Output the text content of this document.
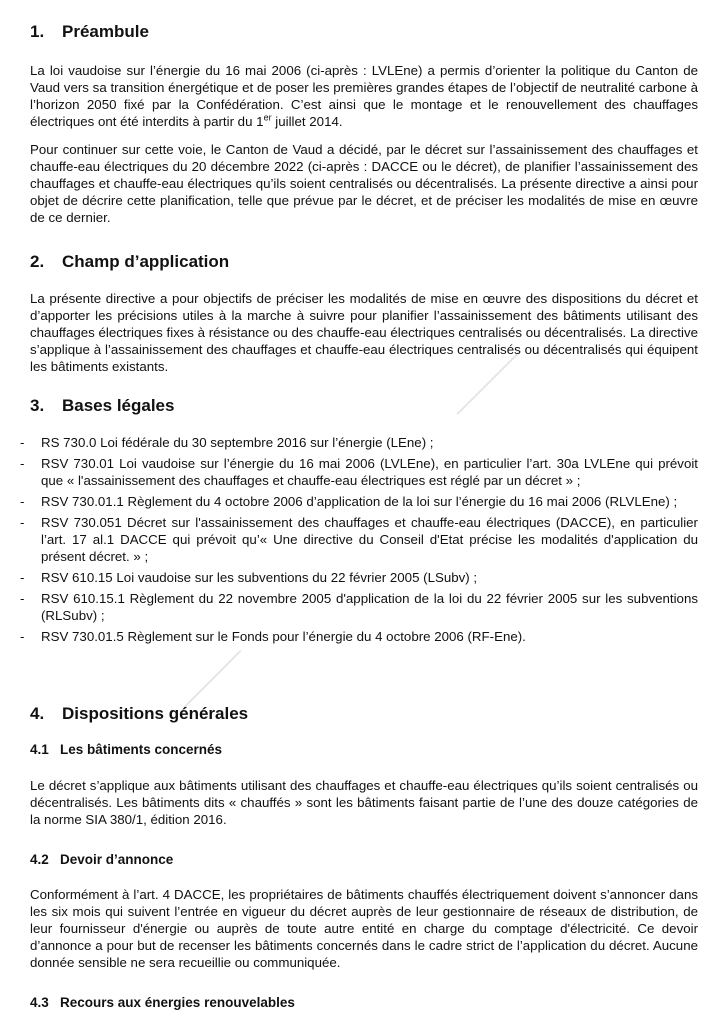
1. Préambule

La loi vaudoise sur l’énergie du 16 mai 2006 (ci-après : LVLEne) a permis d’orienter la politique du Canton de Vaud vers sa transition énergétique et de poser les premières grandes étapes de l’objectif de neutralité carbone à l’horizon 2050 fixé par la Confédération. C’est ainsi que le montage et le renouvellement des chauffages électriques ont été interdits à partir du 1er juillet 2014.

Pour continuer sur cette voie, le Canton de Vaud a décidé, par le décret sur l’assainissement des chauffages et chauffe-eau électriques du 20 décembre 2022 (ci-après : DACCE ou le décret), de planifier l’assainissement des chauffages et chauffe-eau électriques qu’ils soient centralisés ou décentralisés. La présente directive a ainsi pour objet de décrire cette planification, telle que prévue par le décret, et de préciser les modalités de mise en œuvre de ce dernier.

2. Champ d’application

La présente directive a pour objectifs de préciser les modalités de mise en œuvre des dispositions du décret et d’apporter les précisions utiles à la marche à suivre pour planifier l’assainissement des bâtiments utilisant des chauffages électriques fixes à résistance ou des chauffe-eau électriques centralisés ou décentralisés. La directive s’applique à l’assainissement des chauffages et chauffe-eau électriques centralisés ou décentralisés qui équipent les bâtiments existants.

3. Bases légales
- RS 730.0 Loi fédérale du 30 septembre 2016 sur l’énergie (LEne) ;
- RSV 730.01 Loi vaudoise sur l’énergie du 16 mai 2006 (LVLEne), en particulier l’art. 30a LVLEne qui prévoit que « l'assainissement des chauffages et chauffe-eau électriques est réglé par un décret » ;
- RSV 730.01.1 Règlement du 4 octobre 2006 d’application de la loi sur l’énergie du 16 mai 2006 (RLVLEne) ;
- RSV 730.051 Décret sur l'assainissement des chauffages et chauffe-eau électriques (DACCE), en particulier l’art. 17 al.1 DACCE qui prévoit qu’« Une directive du Conseil d'Etat précise les modalités d'application du présent décret. » ;
- RSV 610.15 Loi vaudoise sur les subventions du 22 février 2005 (LSubv) ;
- RSV 610.15.1 Règlement du 22 novembre 2005 d'application de la loi du 22 février 2005 sur les subventions (RLSubv) ;
- RSV 730.01.5 Règlement sur le Fonds pour l’énergie du 4 octobre 2006 (RF-Ene).
4. Dispositions générales
4.1 Les bâtiments concernés

Le décret s’applique aux bâtiments utilisant des chauffages et chauffe-eau électriques qu’ils soient centralisés ou décentralisés. Les bâtiments dits « chauffés » sont les bâtiments faisant partie de l’une des douze catégories de la norme SIA 380/1, édition 2016.

4.2 Devoir d’annonce

Conformément à l’art. 4 DACCE, les propriétaires de bâtiments chauffés électriquement doivent s’annoncer dans les six mois qui suivent l’entrée en vigueur du décret auprès de leur gestionnaire de réseaux de distribution, de leur fournisseur d'énergie ou auprès de toute autre entité en charge du comptage d'électricité. Ce devoir d’annonce a pour but de recenser les bâtiments concernés dans le cadre strict de l’application du décret. Aucune donnée sensible ne sera recueillie ou communiquée.

4.3 Recours aux énergies renouvelables
